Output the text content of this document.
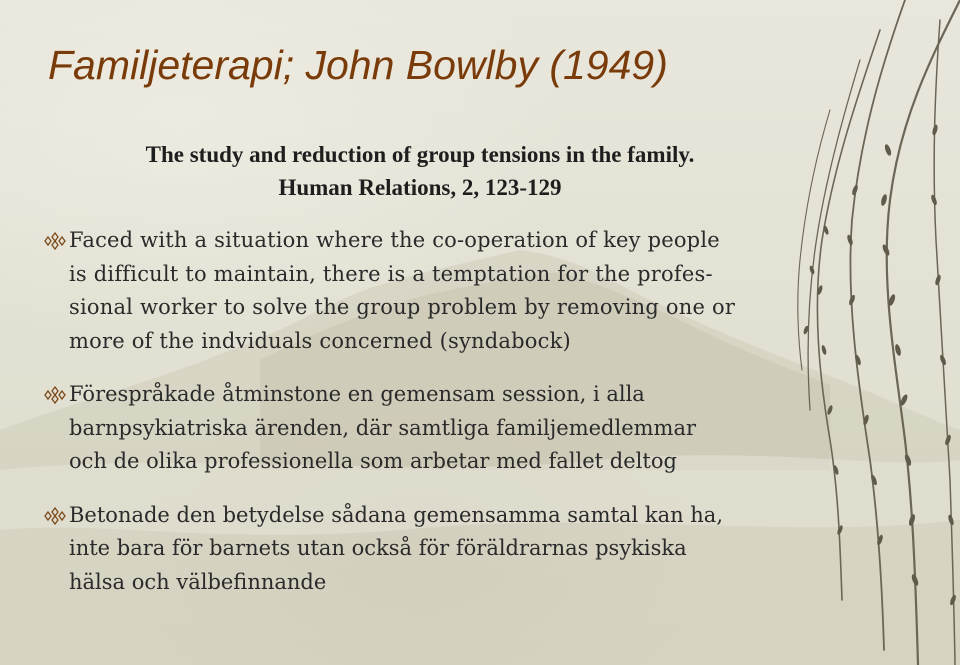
Familjeterapi; John Bowlby (1949)
The study and reduction of group tensions in the family.
Human Relations, 2, 123-129
Faced with a situation where the co-operation of key people
is difficult to maintain, there is a temptation for the profes-
sional worker to solve the group problem by removing one or
more of the indviduals concerned (syndabock)
Förespråkade åtminstone en gemensam session, i alla
barnpsykiatriska ärenden, där samtliga familjemedlemmar
och de olika professionella som arbetar med fallet deltog
Betonade den betydelse sådana gemensamma samtal kan ha,
inte bara för barnets utan också för föräldrarnas psykiska
hälsa och välbefinnande
